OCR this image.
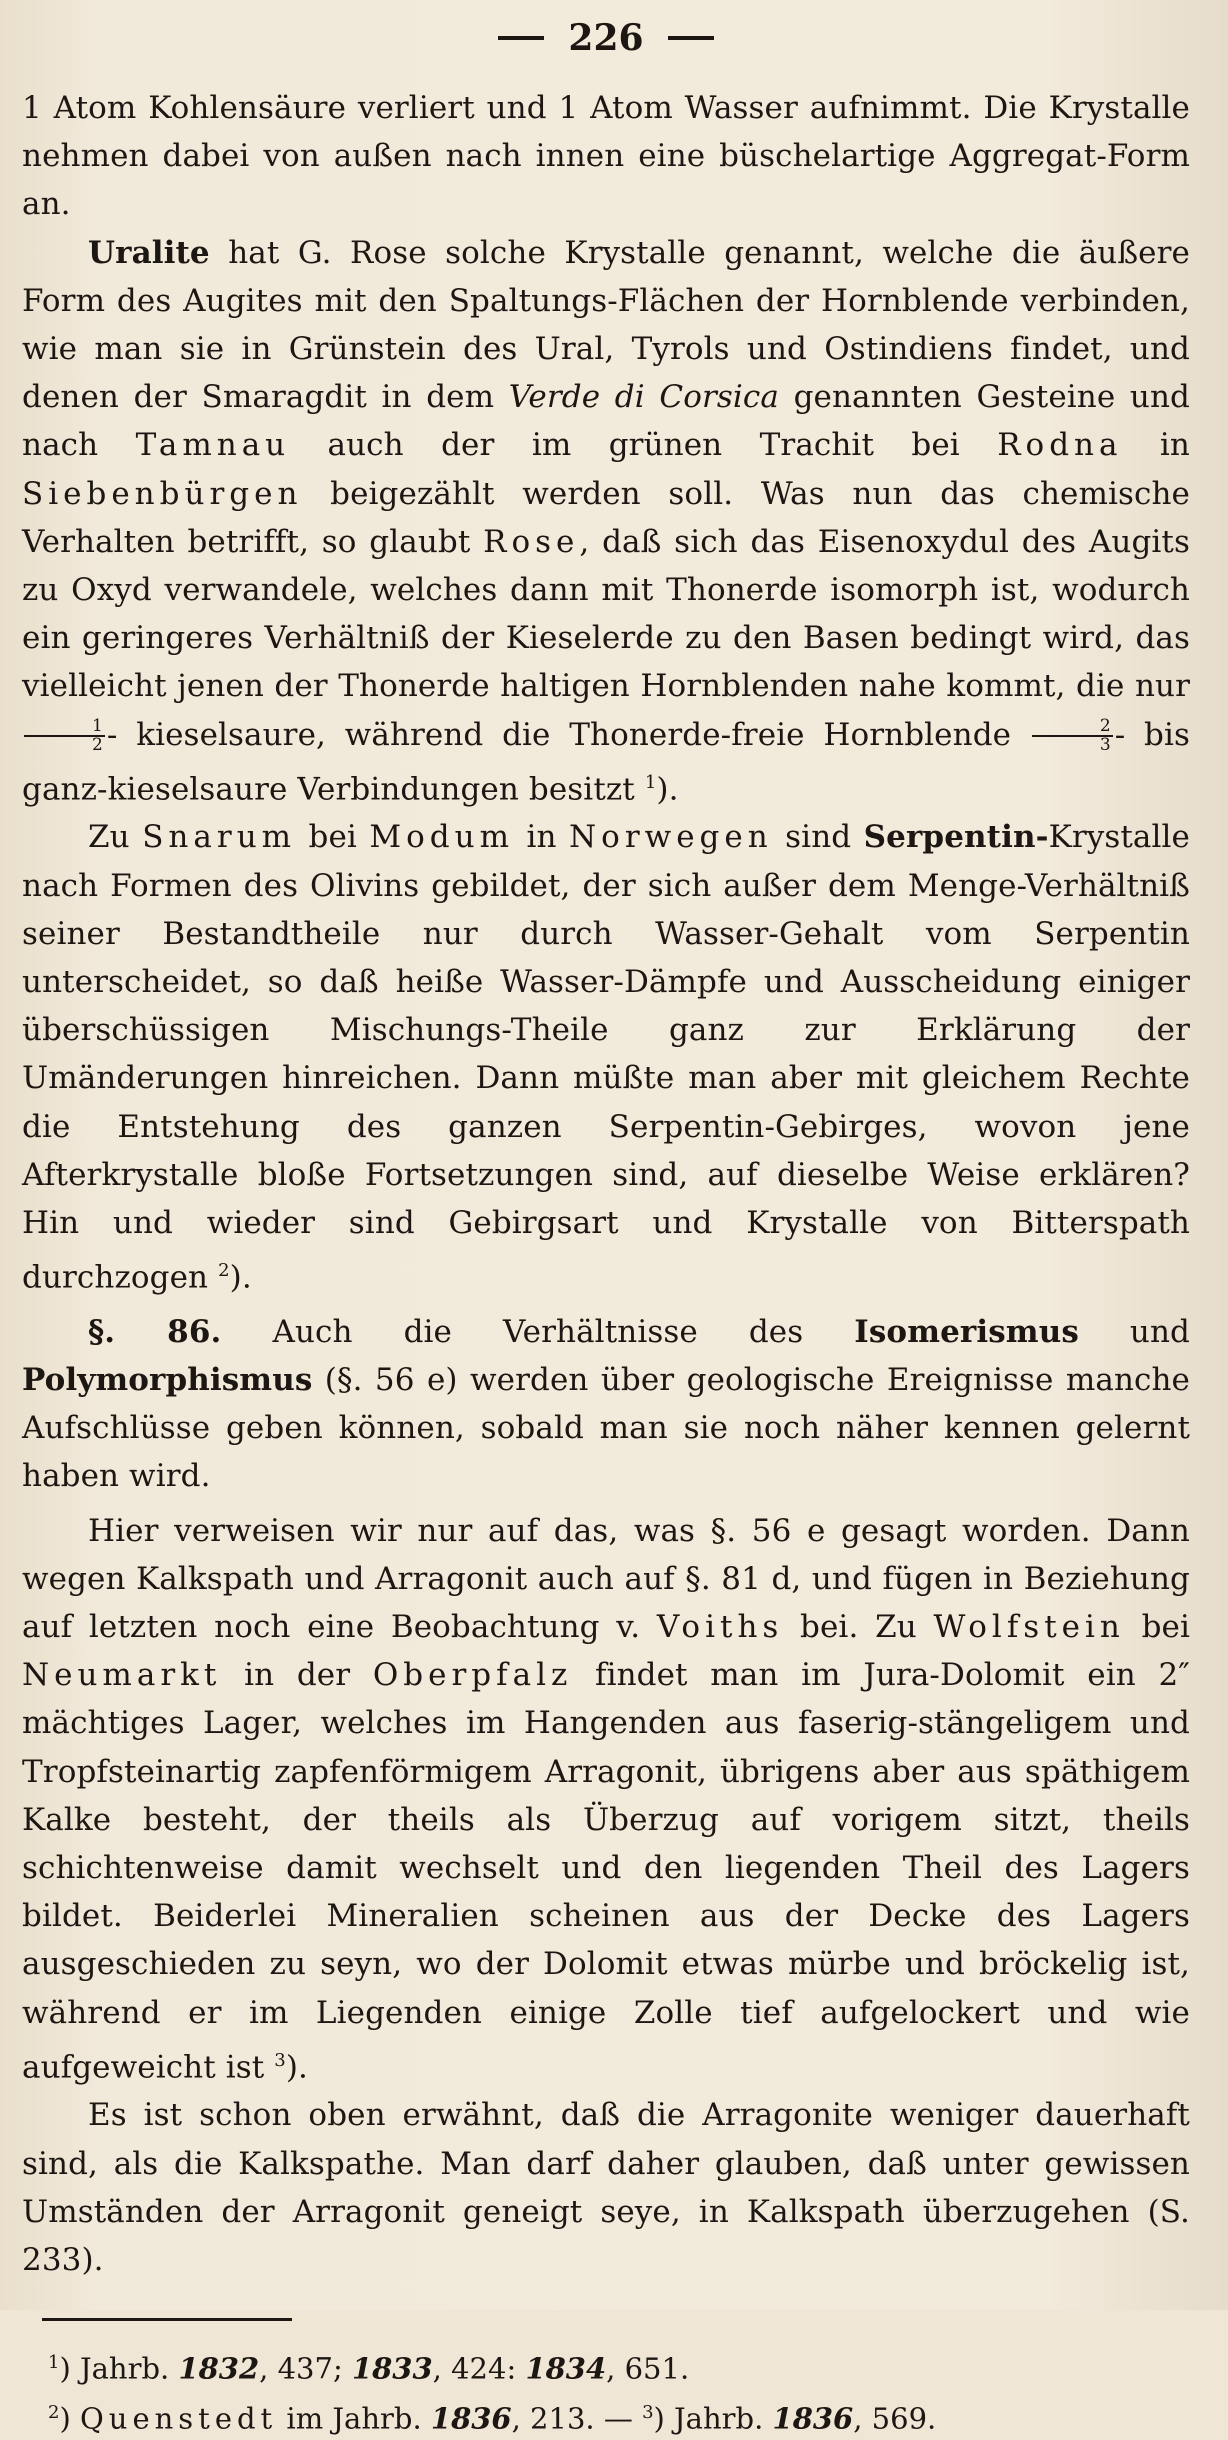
226

1 Atom Kohlensäure verliert und 1 Atom Wasser aufnimmt. Die Krystalle nehmen dabei von außen nach innen eine büschelartige Aggregat-Form an.

Uralite hat G. Rose solche Krystalle genannt, welche die äußere Form des Augites mit den Spaltungs-Flächen der Hornblende verbinden, wie man sie in Grünstein des Ural, Tyrols und Ostindiens findet, und denen der Smaragdit in dem Verde di Corsica genannten Gesteine und nach Tamnau auch der im grünen Trachit bei Rodna in Siebenbürgen beigezählt werden soll. Was nun das chemische Verhalten betrifft, so glaubt Rose, daß sich das Eisenoxydul des Augits zu Oxyd verwandele, welches dann mit Thonerde isomorph ist, wodurch ein geringeres Verhältniß der Kieselerde zu den Basen bedingt wird, das vielleicht jenen der Thonerde haltigen Hornblenden nahe kommt, die nur
$\frac{1}{2}$ - kieselsaure, während die Thonerde-freie Hornblende $\frac{2}{3}$ - bis ganz-kieselsaure Verbindungen besitzt $^1$).

Zu Snarum bei Modum in Norwegen sind Serpentin-Krystalle nach Formen des Olivins gebildet, der sich außer dem Menge-Verhältniß seiner Bestandtheile nur durch Wasser-Gehalt vom Serpentin unterscheidet, so daß heiße Wasser-Dämpfe und Ausscheidung einiger überschüssigen Mischungs-Theile ganz zur Erklärung der Umänderungen hinreichen. Dann müßte man aber mit gleichem Rechte die Entstehung des ganzen Serpentin-Gebirges, wovon jene Afterkrystalle bloße Fortsetzungen sind, auf dieselbe Weise erklären? Hin und wieder sind Gebirgsart und Krystalle von Bitterspath durchzogen $^2$).

§. 86. Auch die Verhältnisse des Isomerismus und Polymorphismus (§. 56 e) werden über geologische Ereignisse manche Aufschlüsse geben können, sobald man sie noch näher kennen gelernt haben wird.

Hier verweisen wir nur auf das, was §. 56 e gesagt worden. Dann wegen Kalkspath und Arragonit auch auf §. 81 d, und fügen in Beziehung auf letzten noch eine Beobachtung v. Voiths bei. Zu Wolfstein bei Neumarkt in der Oberpfalz findet man im Jura-Dolomit ein 2″ mächtiges Lager, welches im Hangenden aus faserig-stängeligem und Tropfsteinartig zapfenförmigem Arragonit, übrigens aber aus späthigem Kalke besteht, der theils als Überzug auf vorigem sitzt, theils schichtenweise damit wechselt und den liegenden Theil des Lagers bildet. Beiderlei Mineralien scheinen aus der Decke des Lagers ausgeschieden zu seyn, wo der Dolomit etwas mürbe und bröckelig ist, während er im Liegenden einige Zolle tief aufgelockert und wie aufgeweicht ist $^3$).

Es ist schon oben erwähnt, daß die Arragonite weniger dauerhaft sind, als die Kalkspathe. Man darf daher glauben, daß unter gewissen Umständen der Arragonit geneigt seye, in Kalkspath überzugehen (S. 233).

$^1$) Jahrb. 1832, 437; 1833, 424: 1834, 651.

$^2$) Quenstedt im Jahrb. 1836, 213. — $^3$) Jahrb. 1836, 569.
